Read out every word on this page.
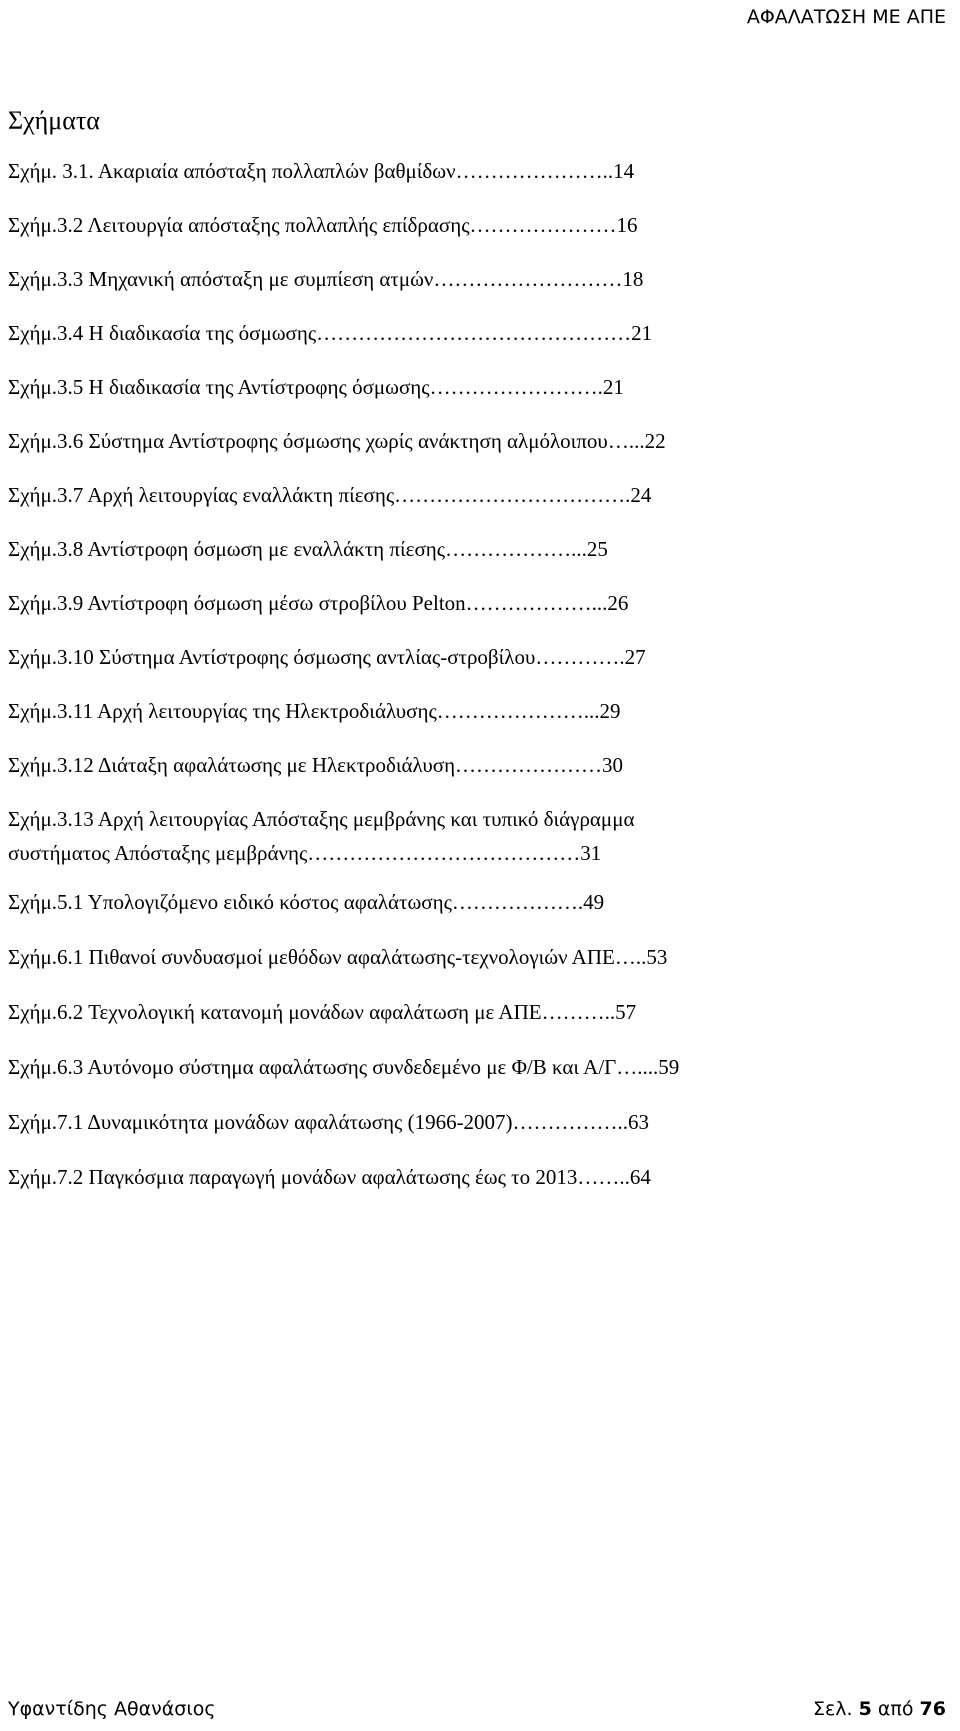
ΑΦΑΛΑΤΩΣΗ ΜΕ ΑΠΕ
Σχήματα
Σχήμ. 3.1. Ακαριαία απόσταξη πολλαπλών βαθμίδων…………………..14
Σχήμ.3.2 Λειτουργία απόσταξης πολλαπλής επίδρασης…………………16
Σχήμ.3.3 Μηχανική απόσταξη με συμπίεση ατμών………………………18
Σχήμ.3.4 Η διαδικασία της όσμωσης………………………………………21
Σχήμ.3.5 Η διαδικασία της Αντίστροφης όσμωσης…………………….21
Σχήμ.3.6 Σύστημα Αντίστροφης όσμωσης χωρίς ανάκτηση αλμόλοιπου…...22
Σχήμ.3.7 Αρχή λειτουργίας εναλλάκτη πίεσης…………………………….24
Σχήμ.3.8 Αντίστροφη όσμωση με εναλλάκτη πίεσης………………...25
Σχήμ.3.9 Αντίστροφη όσμωση μέσω στροβίλου Pelton………………...26
Σχήμ.3.10 Σύστημα Αντίστροφης όσμωσης αντλίας-στροβίλου………….27
Σχήμ.3.11 Αρχή λειτουργίας της Ηλεκτροδιάλυσης…………………...29
Σχήμ.3.12 Διάταξη αφαλάτωσης με Ηλεκτροδιάλυση…………………30
Σχήμ.3.13 Αρχή λειτουργίας Απόσταξης μεμβράνης και τυπικό διάγραμμα
συστήματος Απόσταξης μεμβράνης…………………………………31
Σχήμ.5.1 Υπολογιζόμενο ειδικό κόστος αφαλάτωσης……………….49
Σχήμ.6.1 Πιθανοί συνδυασμοί μεθόδων αφαλάτωσης-τεχνολογιών ΑΠΕ…..53
Σχήμ.6.2 Τεχνολογική κατανομή μονάδων αφαλάτωση με ΑΠΕ………..57
Σχήμ.6.3 Αυτόνομο σύστημα αφαλάτωσης συνδεδεμένο με Φ/Β και Α/Γ…....59
Σχήμ.7.1 Δυναμικότητα μονάδων αφαλάτωσης (1966-2007)……………..63
Σχήμ.7.2 Παγκόσμια παραγωγή μονάδων αφαλάτωσης έως το 2013……..64
Υφαντίδης Αθανάσιος	Σελ. 5 από 76
